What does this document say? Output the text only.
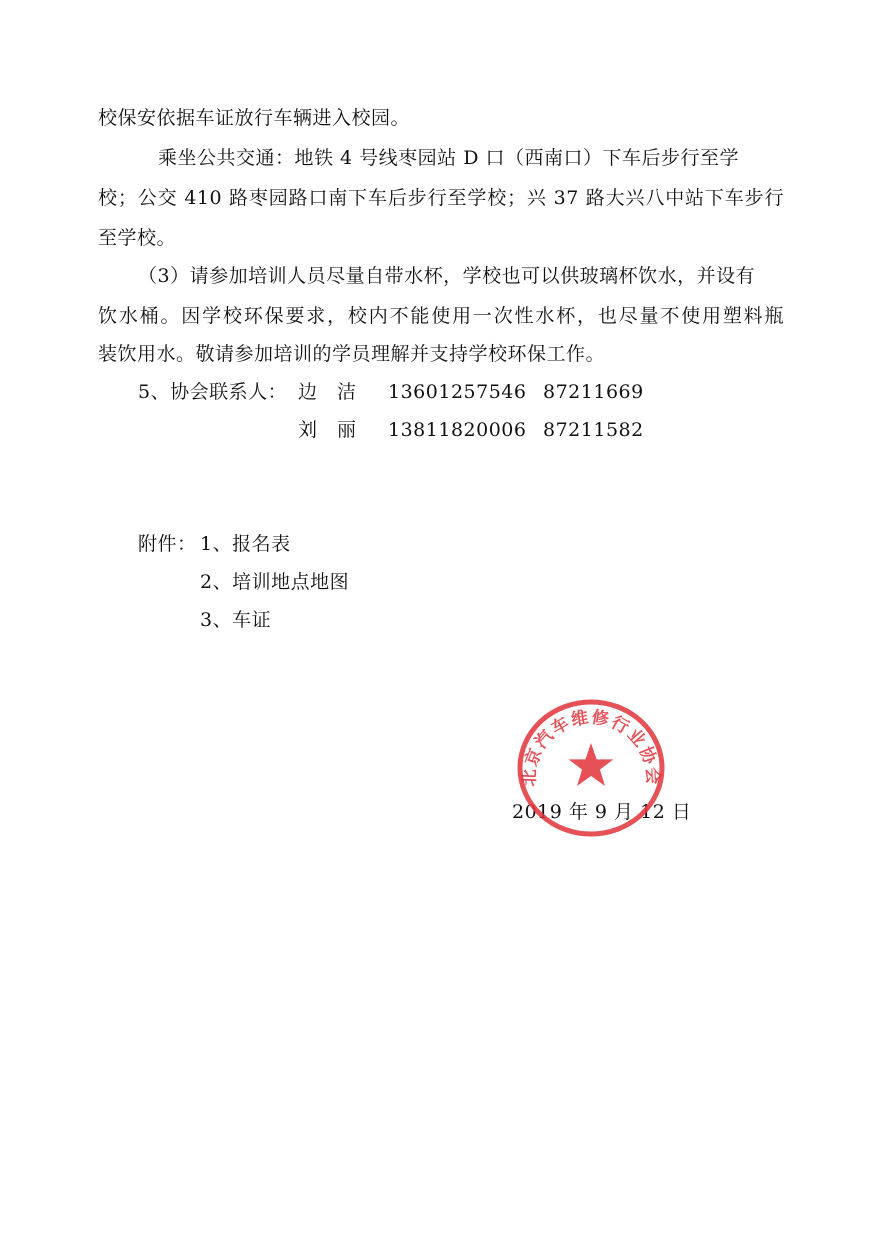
校保安依据车证放行车辆进入校园。
乘坐公共交通：地铁 4 号线枣园站 D 口（西南口）下车后步行至学
校；公交 410 路枣园路口南下车后步行至学校；兴 37 路大兴八中站下车步行
至学校。
（3）请参加培训人员尽量自带水杯，学校也可以供玻璃杯饮水，并设有
饮水桶。因学校环保要求，校内不能使用一次性水杯，也尽量不使用塑料瓶
装饮用水。敬请参加培训的学员理解并支持学校环保工作。
5、协会联系人： 边　洁 13601257546 87211669
刘　丽 13811820006 87211582
附件： 1、报名表
2、培训地点地图
3、车证
2019 年 9 月 12 日
北京汽车维修行业协会
